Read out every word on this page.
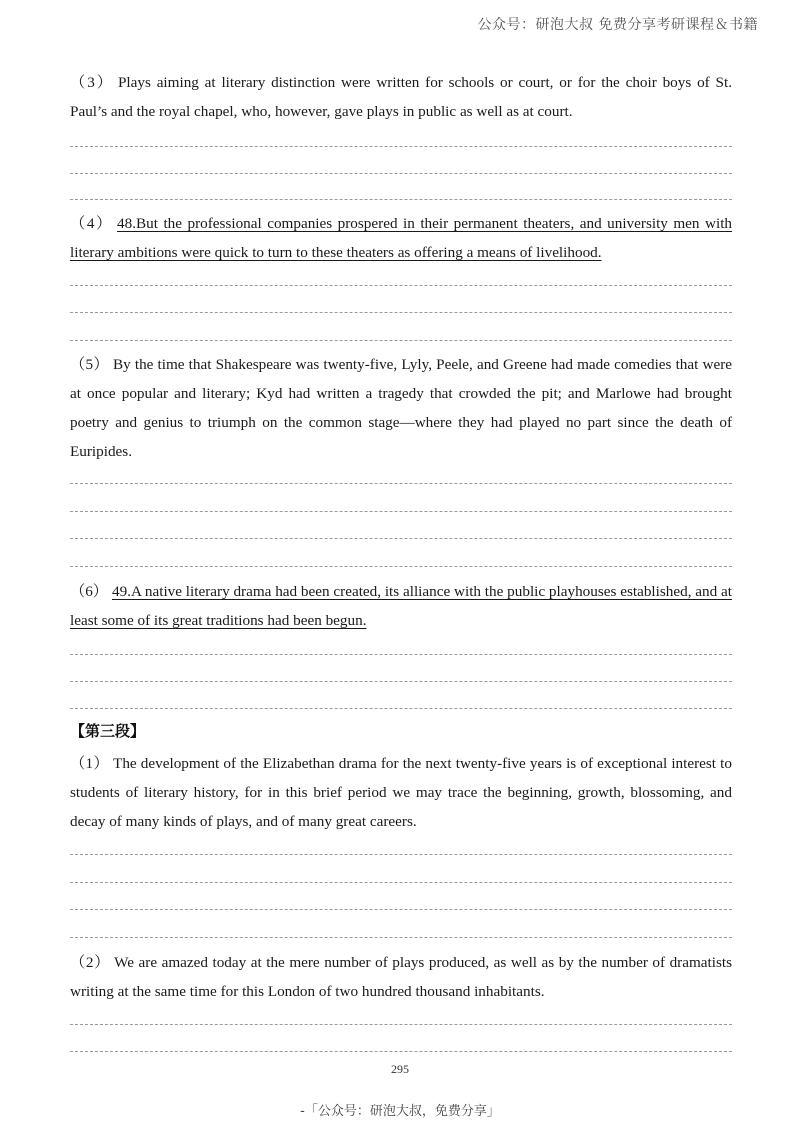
公众号：研泡大叔 免费分享考研课程＆书籍

（3） Plays aiming at literary distinction were written for schools or court, or for the choir boys of St. Paul’s and the royal chapel, who, however, gave plays in public as well as at court.

（4） 48.But the professional companies prospered in their permanent theaters, and university men with literary ambitions were quick to turn to these theaters as offering a means of livelihood.

（5） By the time that Shakespeare was twenty-five, Lyly, Peele, and Greene had made comedies that were at once popular and literary; Kyd had written a tragedy that crowded the pit; and Marlowe had brought poetry and genius to triumph on the common stage—where they had played no part since the death of Euripides.

（6） 49.A native literary drama had been created, its alliance with the public playhouses established, and at least some of its great traditions had been begun.

【第三段】

（1） The development of the Elizabethan drama for the next twenty-five years is of exceptional interest to students of literary history, for in this brief period we may trace the beginning, growth, blossoming, and decay of many kinds of plays, and of many great careers.

（2） We are amazed today at the mere number of plays produced, as well as by the number of dramatists writing at the same time for this London of two hundred thousand inhabitants.

295
-「公众号：研泡大叔，免费分享」
